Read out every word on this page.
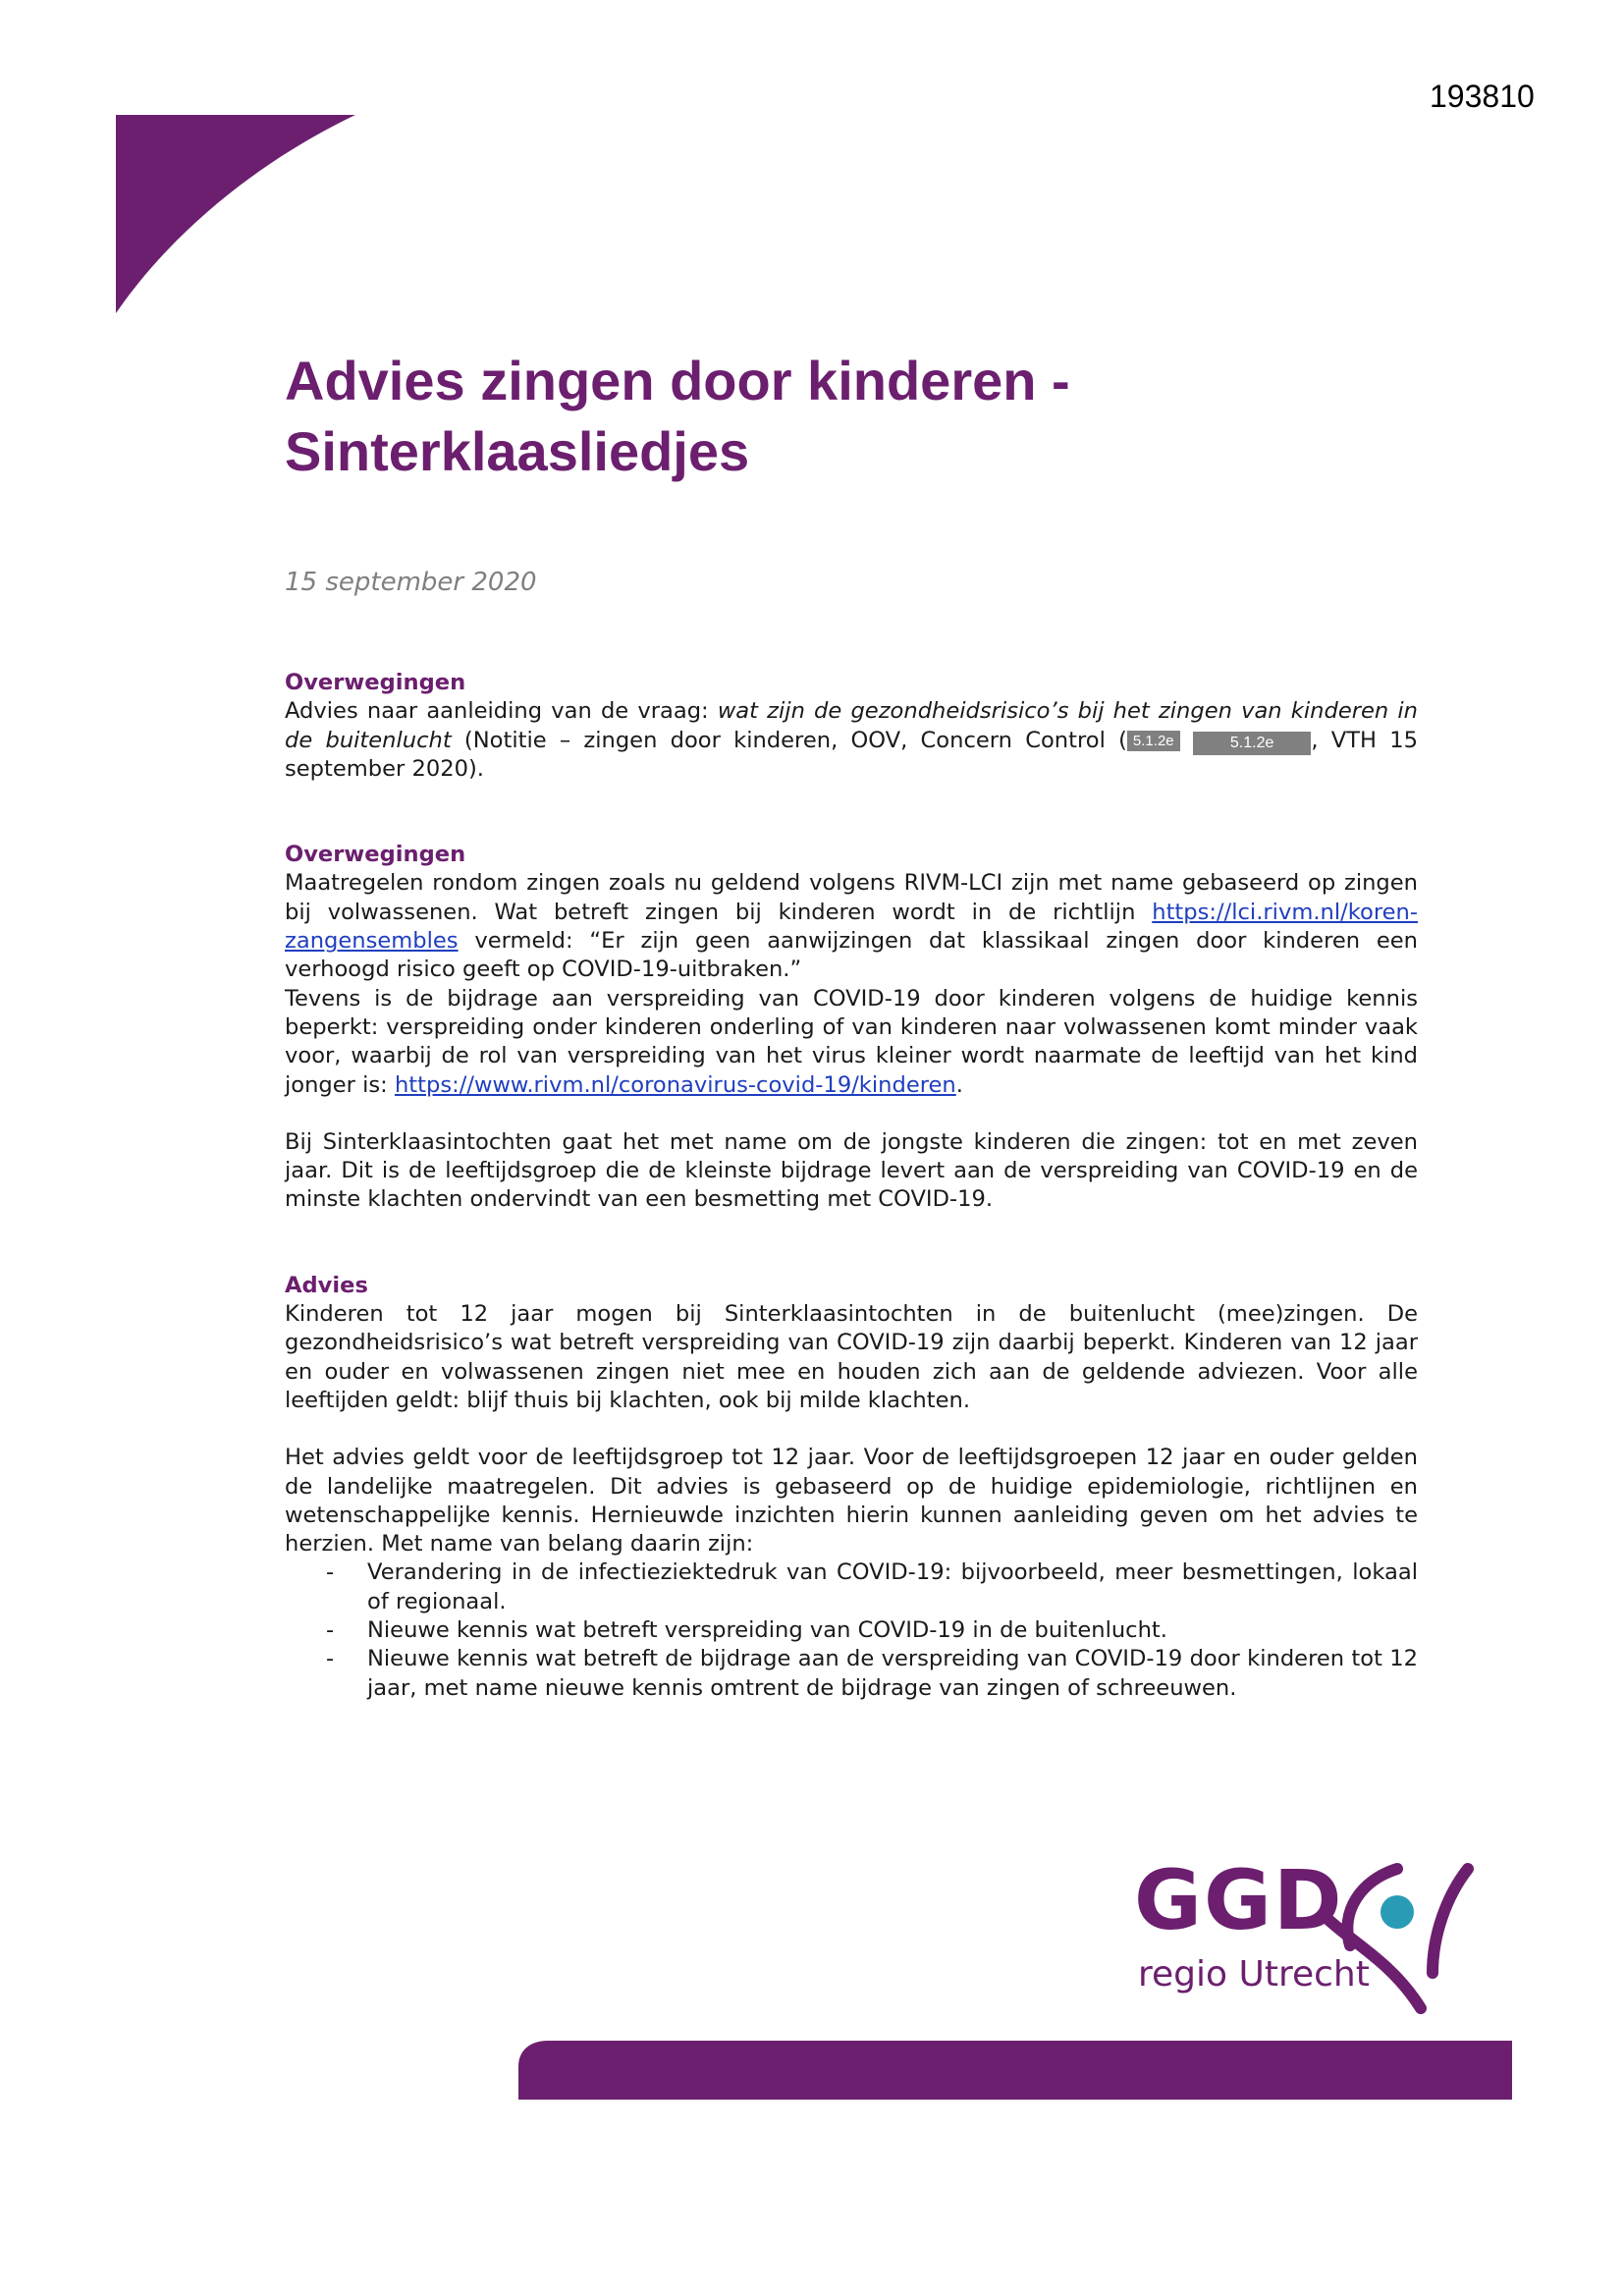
193810
Advies zingen door kinderen -
Sinterklaasliedjes
15 september 2020
Overwegingen

Advies naar aanleiding van de vraag: wat zijn de gezondheidsrisico’s bij het zingen van kinderen in de buitenlucht (Notitie – zingen door kinderen, OOV, Concern Control ( 5.1.2e	5.1.2e , VTH 15 september 2020).

Overwegingen

Maatregelen rondom zingen zoals nu geldend volgens RIVM-LCI zijn met name gebaseerd op zingen bij volwassenen. Wat betreft zingen bij kinderen wordt in de richtlijn https://lci.rivm.nl/koren-zangensembles vermeld: “Er zijn geen aanwijzingen dat klassikaal zingen door kinderen een verhoogd risico geeft op COVID-19-uitbraken.”

Tevens is de bijdrage aan verspreiding van COVID-19 door kinderen volgens de huidige kennis beperkt: verspreiding onder kinderen onderling of van kinderen naar volwassenen komt minder vaak voor, waarbij de rol van verspreiding van het virus kleiner wordt naarmate de leeftijd van het kind jonger is: https://www.rivm.nl/coronavirus-covid-19/kinderen.

Bij Sinterklaasintochten gaat het met name om de jongste kinderen die zingen: tot en met zeven jaar. Dit is de leeftijdsgroep die de kleinste bijdrage levert aan de verspreiding van COVID-19 en de minste klachten ondervindt van een besmetting met COVID-19.

Advies

Kinderen tot 12 jaar mogen bij Sinterklaasintochten in de buitenlucht (mee)zingen. De gezondheidsrisico’s wat betreft verspreiding van COVID-19 zijn daarbij beperkt. Kinderen van 12 jaar en ouder en volwassenen zingen niet mee en houden zich aan de geldende adviezen. Voor alle leeftijden geldt: blijf thuis bij klachten, ook bij milde klachten.

Het advies geldt voor de leeftijdsgroep tot 12 jaar. Voor de leeftijdsgroepen 12 jaar en ouder gelden de landelijke maatregelen. Dit advies is gebaseerd op de huidige epidemiologie, richtlijnen en wetenschappelijke kennis. Hernieuwde inzichten hierin kunnen aanleiding geven om het advies te herzien. Met name van belang daarin zijn:

- Verandering in de infectieziektedruk van COVID-19: bijvoorbeeld, meer besmettingen, lokaal of regionaal.
- Nieuwe kennis wat betreft verspreiding van COVID-19 in de buitenlucht.
- Nieuwe kennis wat betreft de bijdrage aan de verspreiding van COVID-19 door kinderen tot 12 jaar, met name nieuwe kennis omtrent de bijdrage van zingen of schreeuwen.
GGD
regio Utrecht
